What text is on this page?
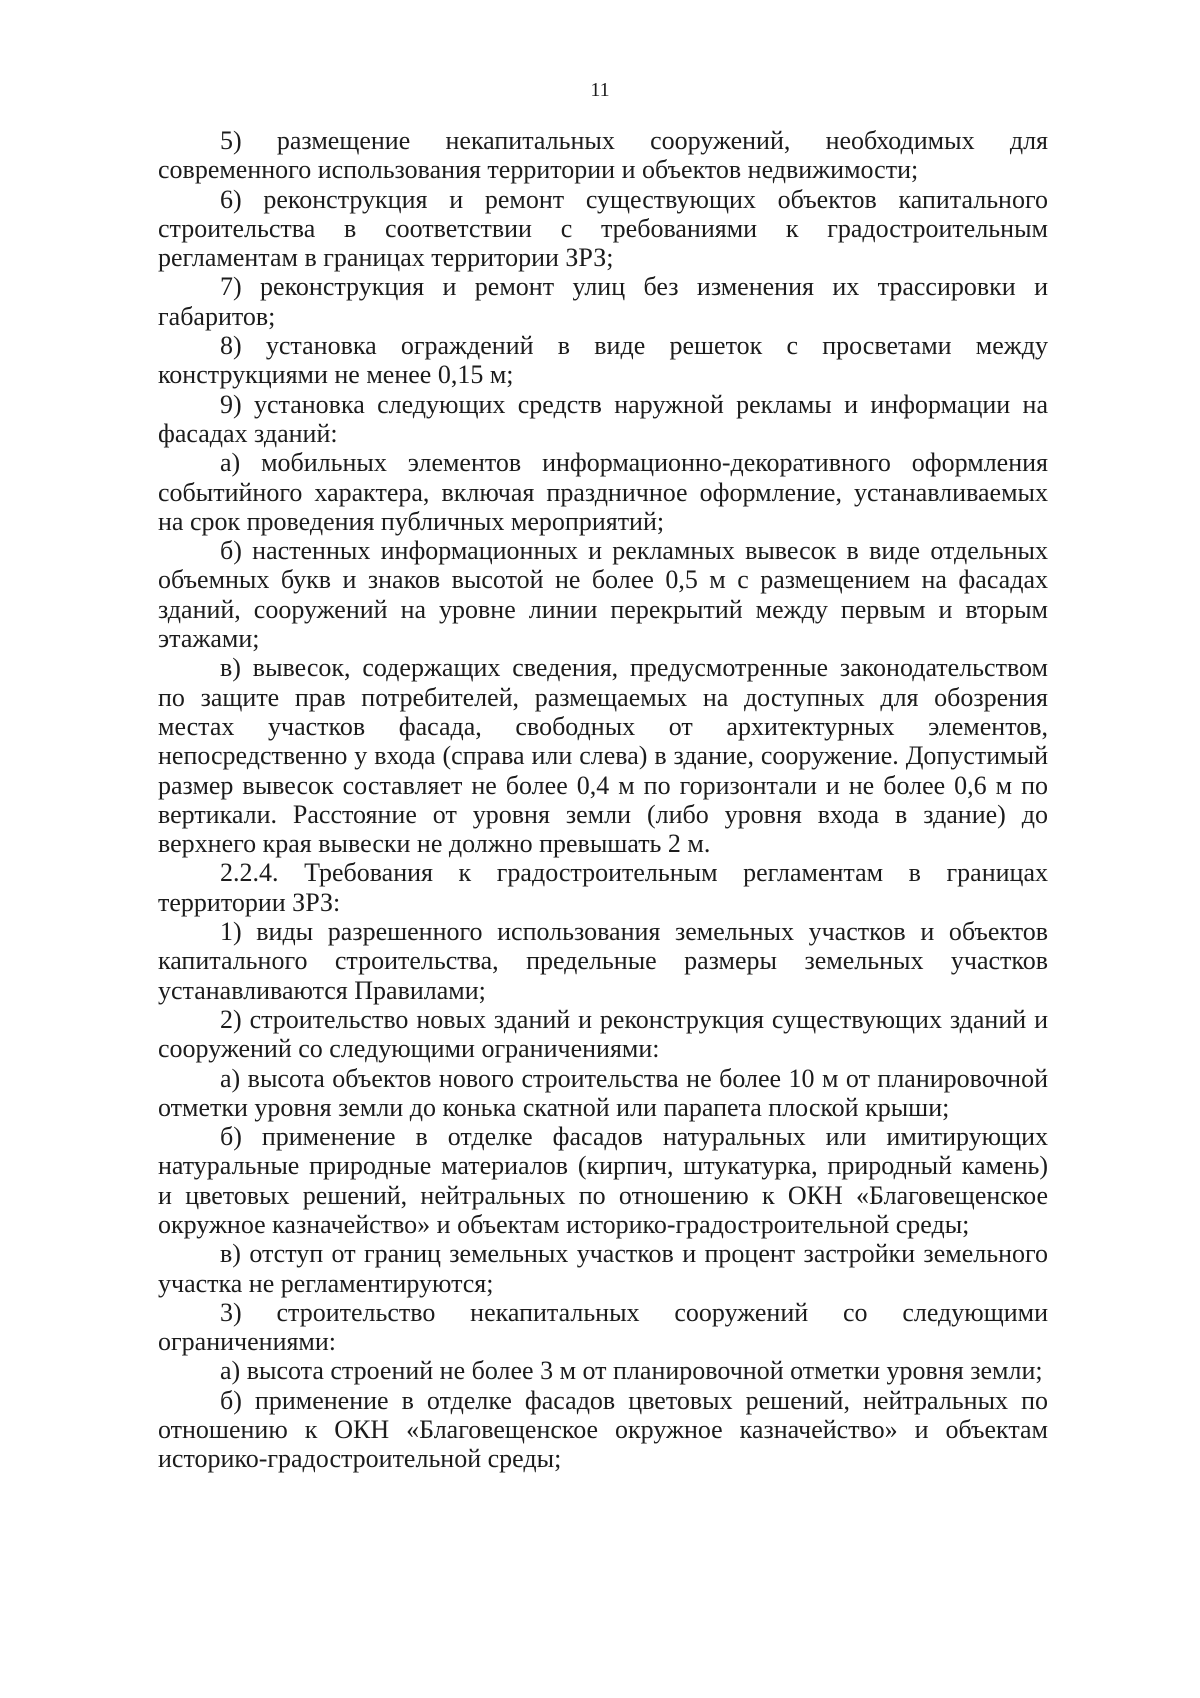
11

5) размещение некапитальных сооружений, необходимых для современного использования территории и объектов недвижимости;

6) реконструкция и ремонт существующих объектов капитального строительства в соответствии с требованиями к градостроительным регламентам в границах территории ЗРЗ;

7) реконструкция и ремонт улиц без изменения их трассировки и габаритов;

8) установка ограждений в виде решеток с просветами между конструкциями не менее 0,15 м;

9) установка следующих средств наружной рекламы и информации на фасадах зданий:

а) мобильных элементов информационно-декоративного оформления событийного характера, включая праздничное оформление, устанавливаемых на срок проведения публичных мероприятий;

б) настенных информационных и рекламных вывесок в виде отдельных объемных букв и знаков высотой не более 0,5 м с размещением на фасадах зданий, сооружений на уровне линии перекрытий между первым и вторым этажами;

в) вывесок, содержащих сведения, предусмотренные законодательством по защите прав потребителей, размещаемых на доступных для обозрения местах участков фасада, свободных от архитектурных элементов, непосредственно у входа (справа или слева) в здание, сооружение. Допустимый размер вывесок составляет не более 0,4 м по горизонтали и не более 0,6 м по вертикали. Расстояние от уровня земли (либо уровня входа в здание) до верхнего края вывески не должно превышать 2 м.

2.2.4. Требования к градостроительным регламентам в границах территории ЗРЗ:

1) виды разрешенного использования земельных участков и объектов капитального строительства, предельные размеры земельных участков устанавливаются Правилами;

2) строительство новых зданий и реконструкция существующих зданий и сооружений со следующими ограничениями:

а) высота объектов нового строительства не более 10 м от планировочной отметки уровня земли до конька скатной или парапета плоской крыши;

б) применение в отделке фасадов натуральных или имитирующих натуральные природные материалов (кирпич, штукатурка, природный камень) и цветовых решений, нейтральных по отношению к ОКН «Благовещенское окружное казначейство» и объектам историко-градостроительной среды;

в) отступ от границ земельных участков и процент застройки земельного участка не регламентируются;

3) строительство некапитальных сооружений со следующими ограничениями:

а) высота строений не более 3 м от планировочной отметки уровня земли;

б) применение в отделке фасадов цветовых решений, нейтральных по отношению к ОКН «Благовещенское окружное казначейство» и объектам историко-градостроительной среды;
